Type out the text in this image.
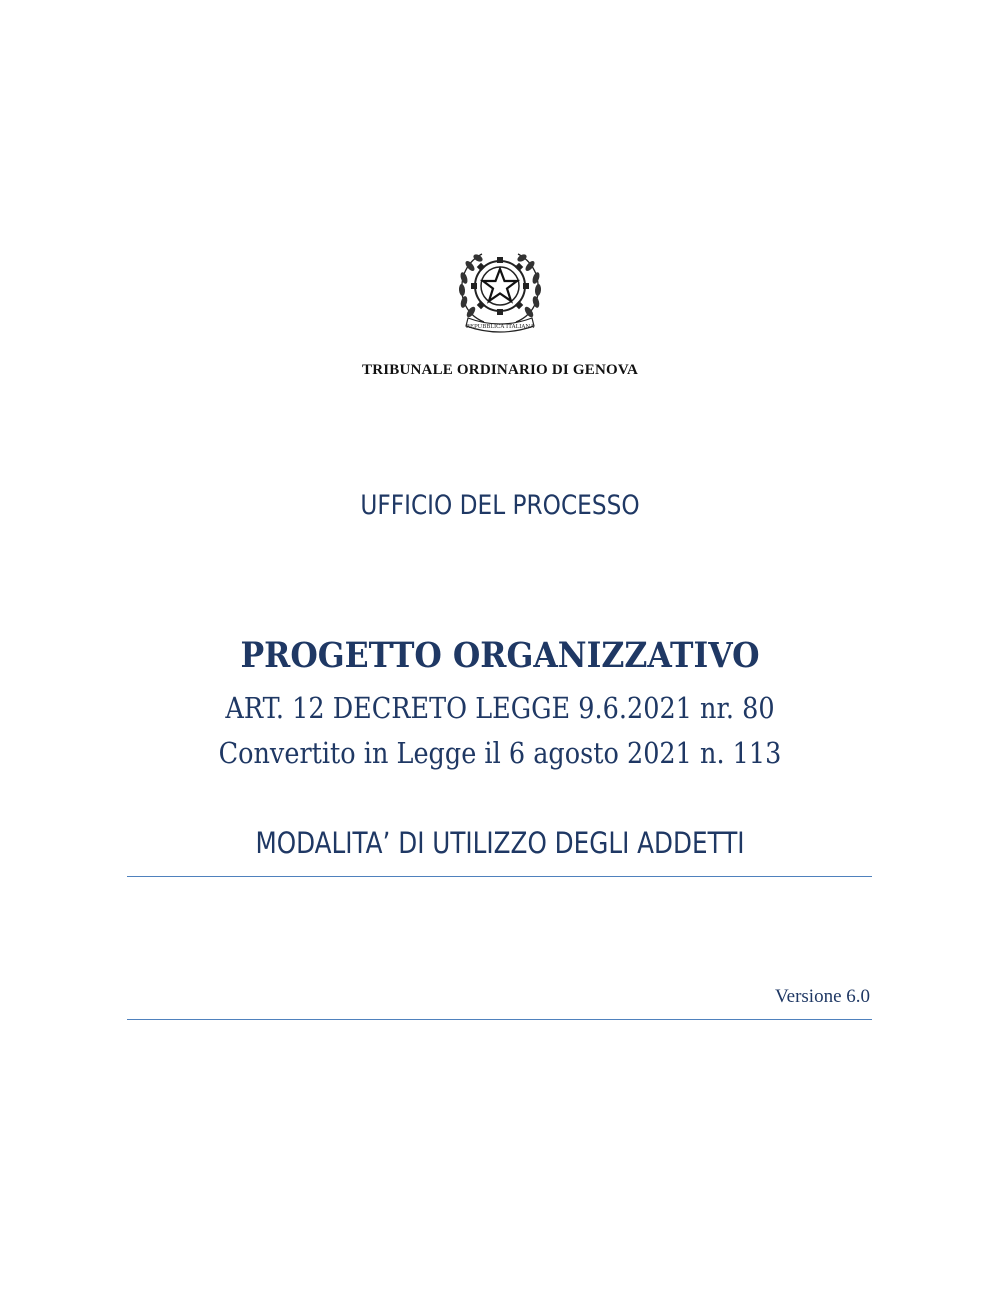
REPUBBLICA ITALIANA
TRIBUNALE ORDINARIO DI GENOVA
UFFICIO DEL PROCESSO
PROGETTO ORGANIZZATIVO
ART. 12 DECRETO LEGGE 9.6.2021 nr. 80
Convertito in Legge il 6 agosto 2021 n. 113
MODALITA’ DI UTILIZZO DEGLI ADDETTI
Versione 6.0
